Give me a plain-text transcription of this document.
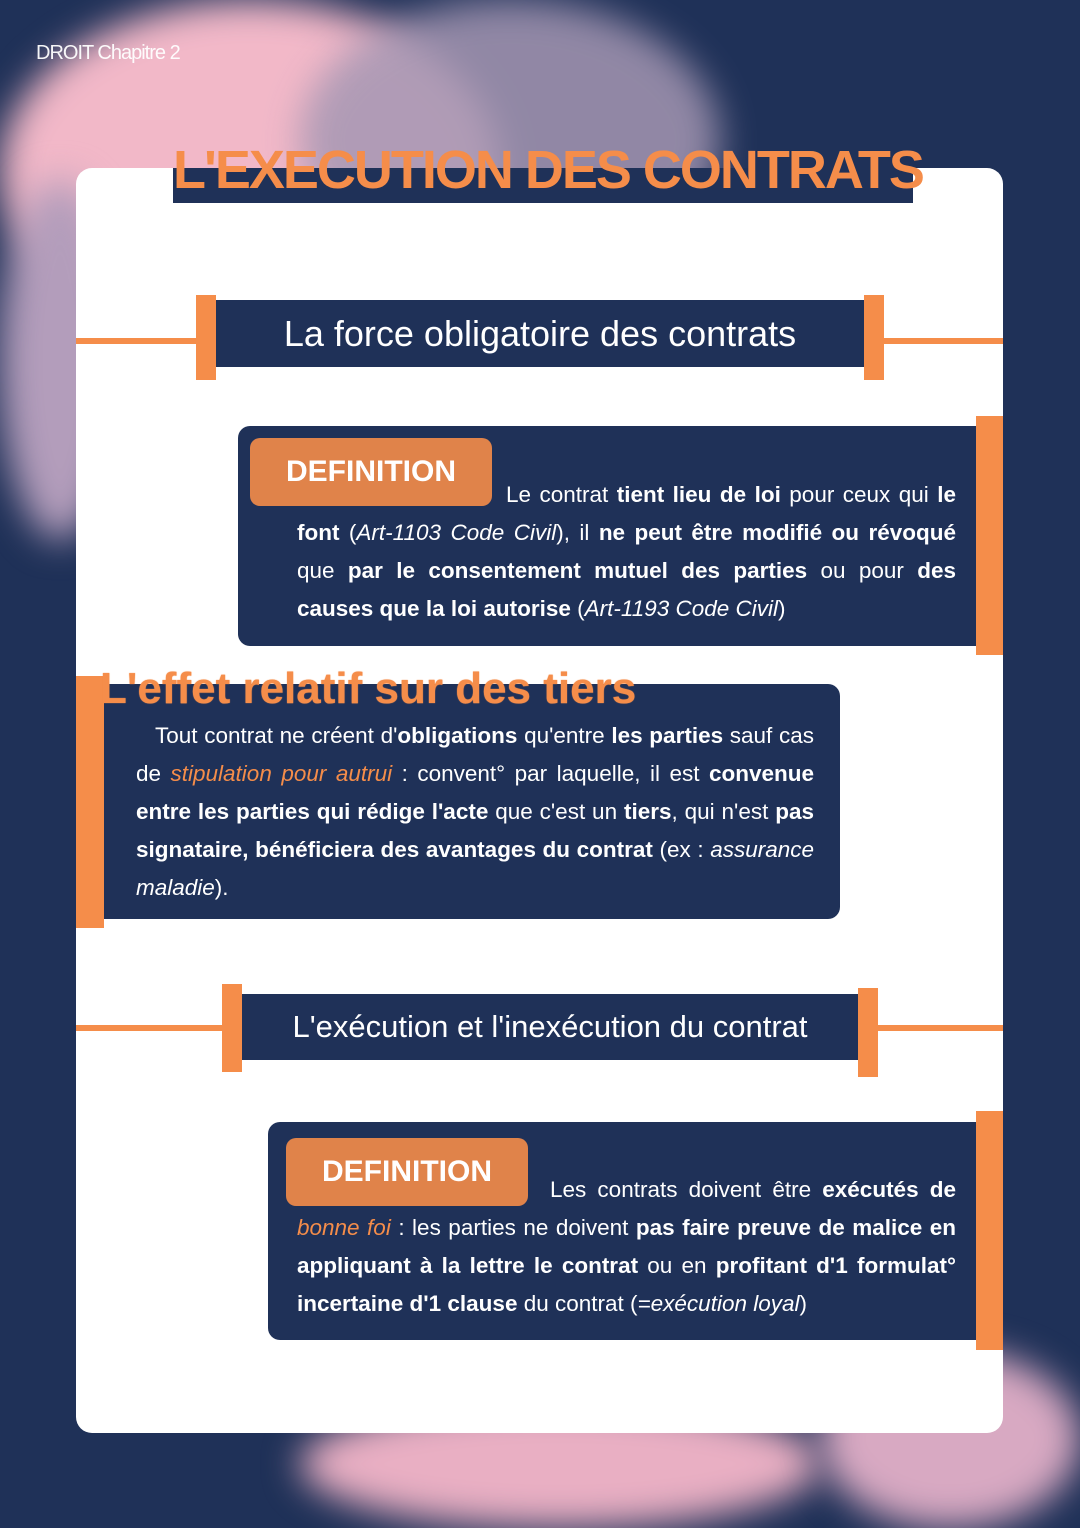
DROIT Chapitre 2
L'EXECUTION DES CONTRATS
La force obligatoire des contrats
DEFINITION
Le contrat tient lieu de loi pour ceux qui le font (Art-1103 Code Civil), il ne peut être modifié ou révoqué que par le consentement mutuel des parties ou pour des causes que la loi autorise (Art-1193 Code Civil)
L'effet relatif sur des tiers
Tout contrat ne créent d'obligations qu'entre les parties sauf cas de stipulation pour autrui : convent° par laquelle, il est convenue entre les parties qui rédige l'acte que c'est un tiers, qui n'est pas signataire, bénéficiera des avantages du contrat (ex : assurance maladie).
L'exécution et l'inexécution du contrat
DEFINITION
Les contrats doivent être exécutés de bonne foi : les parties ne doivent pas faire preuve de malice en appliquant à la lettre le contrat ou en profitant d'1 formulat° incertaine d'1 clause du contrat (=exécution loyal)
